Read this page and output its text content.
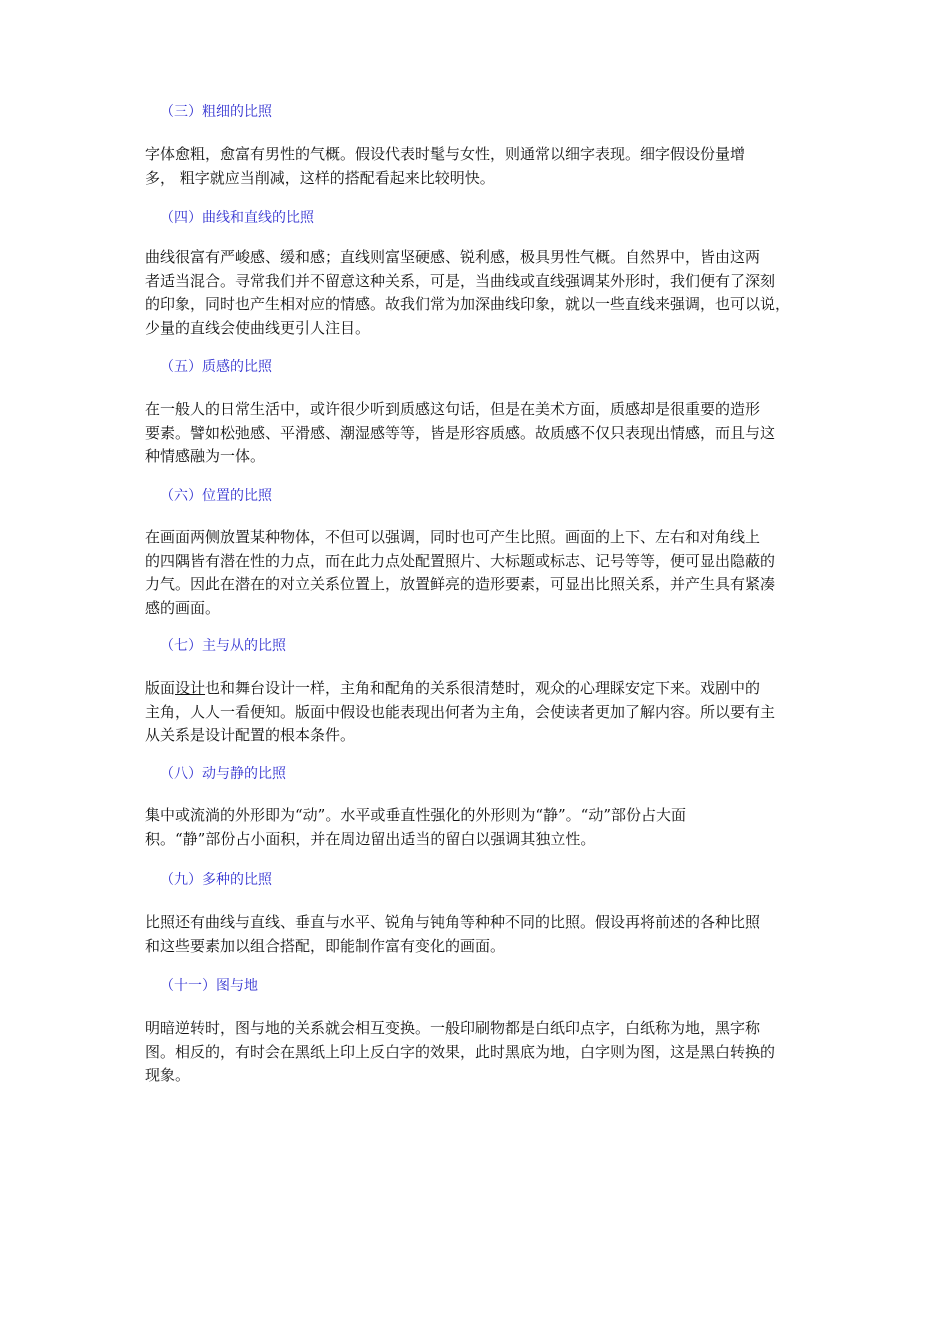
（三）粗细的比照
字体愈粗，愈富有男性的气概。假设代表时髦与女性，则通常以细字表现。细字假设份量增
多， 粗字就应当削减，这样的搭配看起来比较明快。
（四）曲线和直线的比照
曲线很富有严峻感、缓和感；直线则富坚硬感、锐利感，极具男性气概。自然界中，皆由这两
者适当混合。寻常我们并不留意这种关系，可是，当曲线或直线强调某外形时，我们便有了深刻
的印象，同时也产生相对应的情感。故我们常为加深曲线印象，就以一些直线来强调，也可以说，
少量的直线会使曲线更引人注目。
（五）质感的比照
在一般人的日常生活中，或许很少听到质感这句话，但是在美术方面，质感却是很重要的造形
要素。譬如松弛感、平滑感、潮湿感等等，皆是形容质感。故质感不仅只表现出情感，而且与这
种情感融为一体。
（六）位置的比照
在画面两侧放置某种物体，不但可以强调，同时也可产生比照。画面的上下、左右和对角线上
的四隅皆有潜在性的力点，而在此力点处配置照片、大标题或标志、记号等等，便可显出隐蔽的
力气。因此在潜在的对立关系位置上，放置鲜亮的造形要素，可显出比照关系，并产生具有紧凑
感的画面。
（七）主与从的比照
版面设计也和舞台设计一样，主角和配角的关系很清楚时，观众的心理睬安定下来。戏剧中的
主角，人人一看便知。版面中假设也能表现出何者为主角，会使读者更加了解内容。所以要有主
从关系是设计配置的根本条件。
（八）动与静的比照
集中或流淌的外形即为“动”。水平或垂直性强化的外形则为“静”。“动”部份占大面
积。“静”部份占小面积，并在周边留出适当的留白以强调其独立性。
（九）多种的比照
比照还有曲线与直线、垂直与水平、锐角与钝角等种种不同的比照。假设再将前述的各种比照
和这些要素加以组合搭配，即能制作富有变化的画面。
（十一）图与地
明暗逆转时，图与地的关系就会相互变换。一般印刷物都是白纸印点字，白纸称为地，黑字称
图。相反的，有时会在黑纸上印上反白字的效果，此时黑底为地，白字则为图，这是黑白转换的
现象。
